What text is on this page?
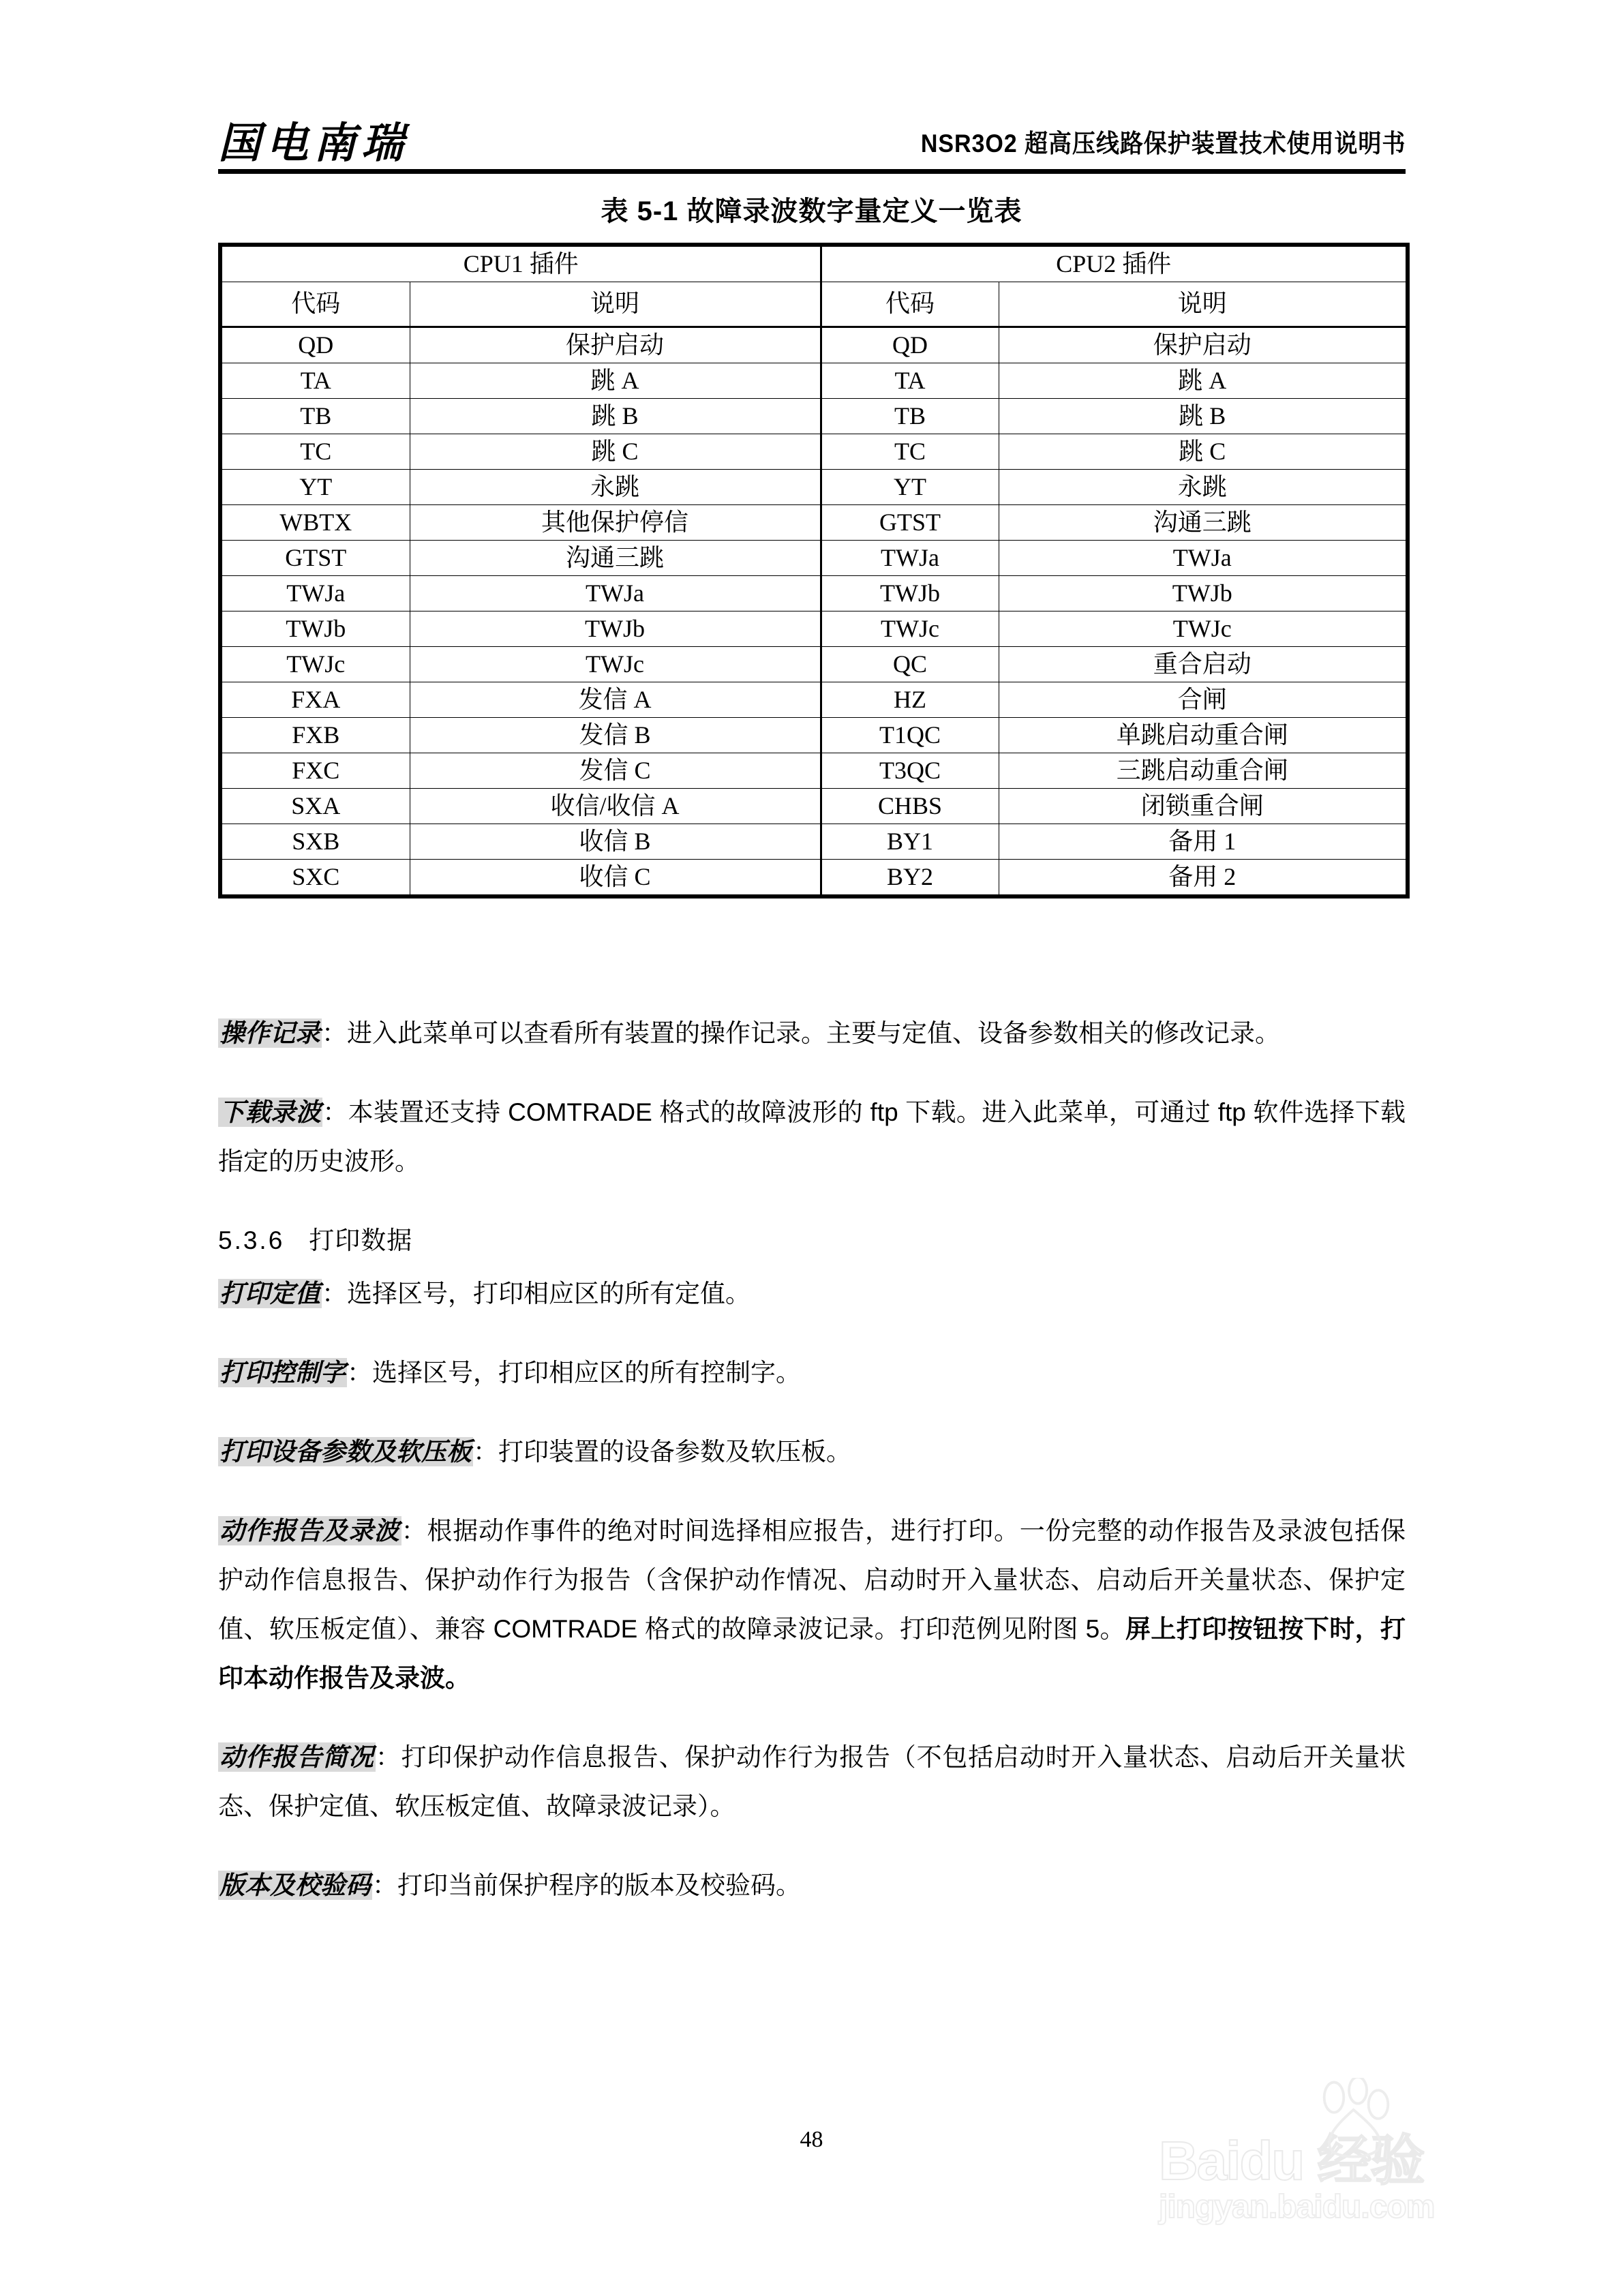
国电南瑞	NSR3O2 超高压线路保护装置技术使用说明书
表 5-1 故障录波数字量定义一览表
CPU1 插件		CPU2 插件	
代码	说明	代码	说明
QD	保护启动	QD	保护启动
TA	跳 A	TA	跳 A
TB	跳 B	TB	跳 B
TC	跳 C	TC	跳 C
YT	永跳	YT	永跳
WBTX	其他保护停信	GTST	沟通三跳
GTST	沟通三跳	TWJa	TWJa
TWJa	TWJa	TWJb	TWJb
TWJb	TWJb	TWJc	TWJc
TWJc	TWJc	QC	重合启动
FXA	发信 A	HZ	合闸
FXB	发信 B	T1QC	单跳启动重合闸
FXC	发信 C	T3QC	三跳启动重合闸
SXA	收信/收信 A	CHBS	闭锁重合闸
SXB	收信 B	BY1	备用 1
SXC	收信 C	BY2	备用 2

操作记录：进入此菜单可以查看所有装置的操作记录。主要与定值、设备参数相关的修改记录。

下载录波：本装置还支持 COMTRADE 格式的故障波形的 ftp 下载。进入此菜单，可通过 ftp 软件选择下载指定的历史波形。

5.3.6 打印数据

打印定值：选择区号，打印相应区的所有定值。

打印控制字：选择区号，打印相应区的所有控制字。

打印设备参数及软压板：打印装置的设备参数及软压板。

动作报告及录波：根据动作事件的绝对时间选择相应报告，进行打印。一份完整的动作报告及录波包括保护动作信息报告、保护动作行为报告（含保护动作情况、启动时开入量状态、启动后开关量状态、保护定值、软压板定值）、兼容 COMTRADE 格式的故障录波记录。打印范例见附图 5。屏上打印按钮按下时，打印本动作报告及录波。

动作报告简况：打印保护动作信息报告、保护动作行为报告（不包括启动时开入量状态、启动后开关量状态、保护定值、软压板定值、故障录波记录）。

版本及校验码：打印当前保护程序的版本及校验码。

48	Baidu 经验
jingyan.baidu.com
